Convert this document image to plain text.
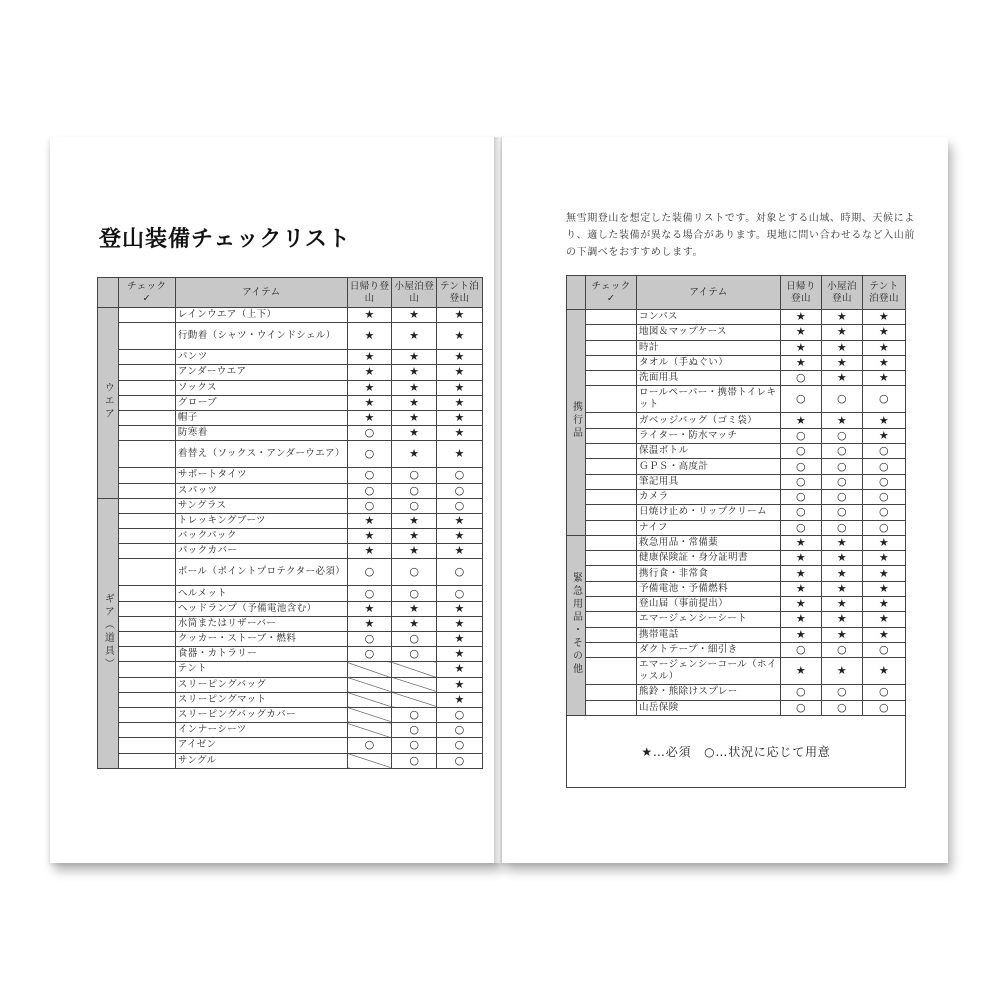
登山装備チェックリスト

	チェック
✓	アイテム	日帰り登山	小屋泊登山	テント泊登山
ウエア		レインウエア（上下）	★	★	★
		行動着（シャツ・ウインドシェル）	★	★	★
		パンツ	★	★	★
		アンダーウエア	★	★	★
		ソックス	★	★	★
		グローブ	★	★	★
		帽子	★	★	★
		防寒着	○	★	★
		着替え（ソックス・アンダーウエア）	○	★	★
		サポートタイツ	○	○	○
		スパッツ	○	○	○
ギア（道具）		サングラス	○	○	○
		トレッキングブーツ	★	★	★
		バックパック	★	★	★
		パックカバー	★	★	★
		ポール（ポイントプロテクター必須）	○	○	○
		ヘルメット	○	○	○
		ヘッドランプ（予備電池含む）	★	★	★
		水筒またはリザーバー	★	★	★
		クッカー・ストーブ・燃料	○	○	★
		食器・カトラリー	○	○	★
		テント			★
		スリーピングバッグ			★
		スリーピングマット			★
		スリーピングバッグカバー		○	○
		インナーシーツ		○	○
		アイゼン	○	○	○
		サングル		○	○
無雪期登山を想定した装備リストです。対象とする山域、時期、天候により、適した装備が異なる場合があります。現地に問い合わせるなど入山前の下調べをおすすめします。

	チェック
✓	アイテム	日帰り登山	小屋泊登山	テント泊登山
携行品		コンパス	★	★	★
		地図＆マップケース	★	★	★
		時計	★	★	★
		タオル（手ぬぐい）	★	★	★
		洗面用具	○	★	★
		ロールペーパー・携帯トイレキット	○	○	○
		ガベッジバッグ（ゴミ袋）	★	★	★
		ライター・防水マッチ	○	○	★
		保温ボトル	○	○	○
		ＧＰＳ・高度計	○	○	○
		筆記用具	○	○	○
		カメラ	○	○	○
		日焼け止め・リップクリーム	○	○	○
		ナイフ	○	○	○
緊急用品・その他		救急用品・常備薬	★	★	★
		健康保険証・身分証明書	★	★	★
		携行食・非常食	★	★	★
		予備電池・予備燃料	★	★	★
		登山届（事前提出）	★	★	★
		エマージェンシーシート	★	★	★
		携帯電話	★	★	★
		ダクトテープ・細引き	○	○	○
		エマージェンシーコール（ホイッスル）	★	★	★
		熊鈴・熊除けスプレー	○	○	○
		山岳保険	○	○	○
★…必須　○…状況に応じて用意					
